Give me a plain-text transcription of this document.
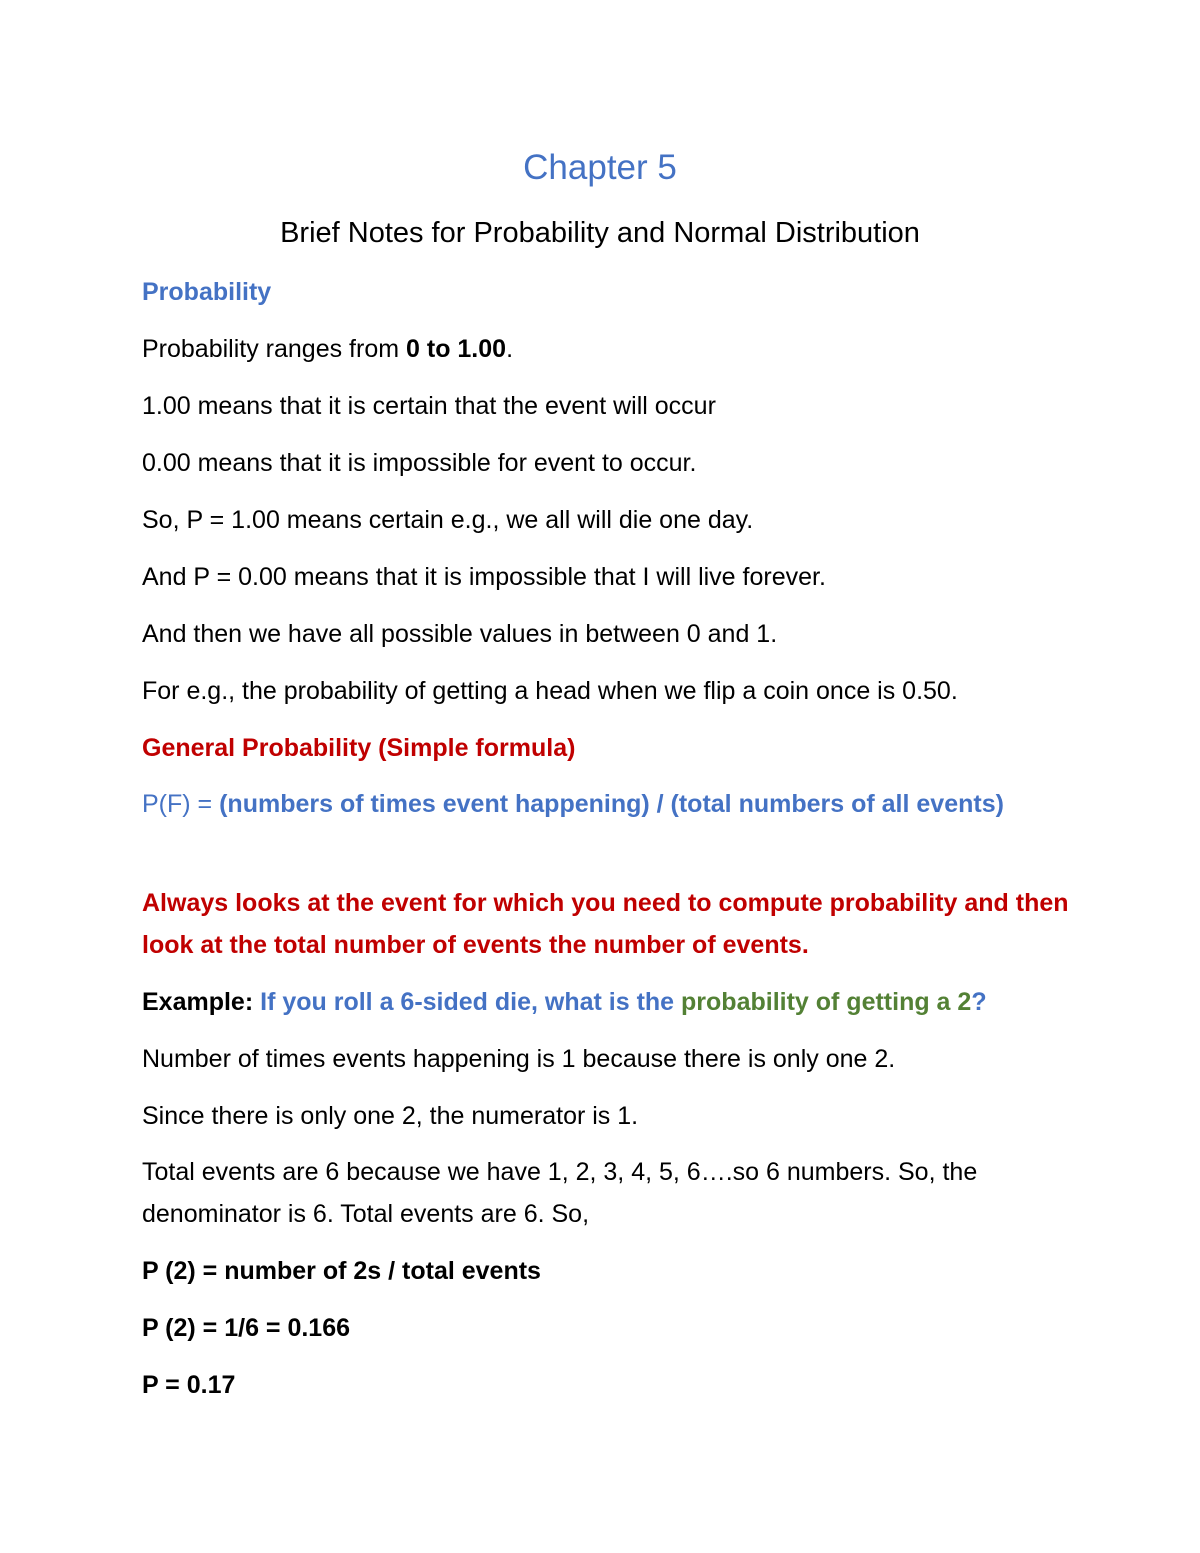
Chapter 5

Brief Notes for Probability and Normal Distribution

Probability

Probability ranges from 0 to 1.00.

1.00 means that it is certain that the event will occur

0.00 means that it is impossible for event to occur.

So, P = 1.00 means certain e.g., we all will die one day.

And P = 0.00 means that it is impossible that I will live forever.

And then we have all possible values in between 0 and 1.

For e.g., the probability of getting a head when we flip a coin once is 0.50.

General Probability (Simple formula)

P(F) = (numbers of times event happening) / (total numbers of all events)

Always looks at the event for which you need to compute probability and then look at the total number of events the number of events.

Example: If you roll a 6-sided die, what is the probability of getting a 2?

Number of times events happening is 1 because there is only one 2.

Since there is only one 2, the numerator is 1.

Total events are 6 because we have 1, 2, 3, 4, 5, 6….so 6 numbers. So, the denominator is 6. Total events are 6. So,

P (2) = number of 2s / total events

P (2) = 1/6 = 0.166

P = 0.17
